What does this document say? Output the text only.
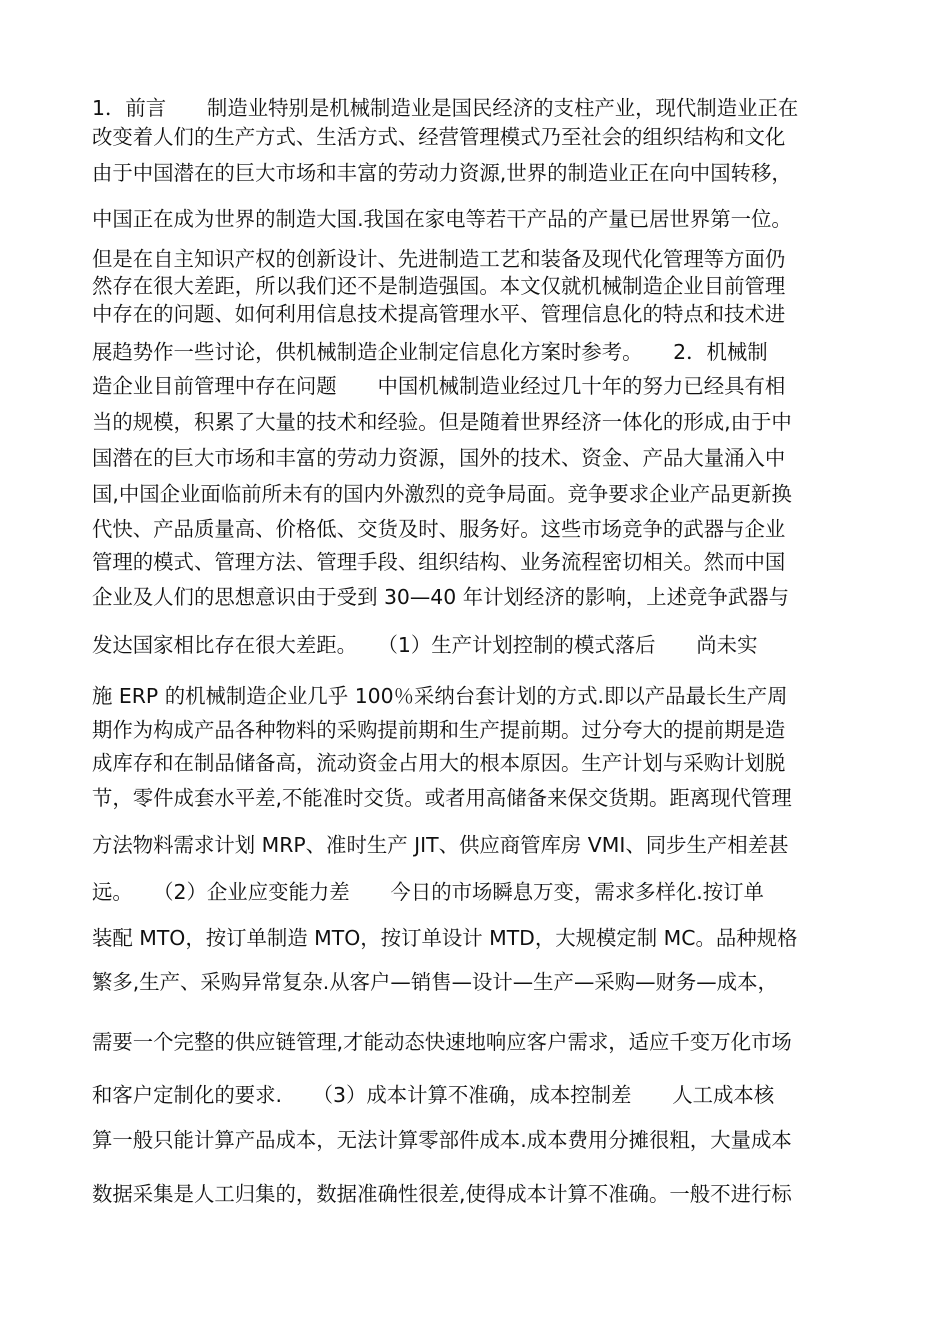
1．前言　　制造业特别是机械制造业是国民经济的支柱产业，现代制造业正在
改变着人们的生产方式、生活方式、经营管理模式乃至社会的组织结构和文化
由于中国潜在的巨大市场和丰富的劳动力资源,世界的制造业正在向中国转移，
中国正在成为世界的制造大国.我国在家电等若干产品的产量已居世界第一位。
但是在自主知识产权的创新设计、先进制造工艺和装备及现代化管理等方面仍
然存在很大差距，所以我们还不是制造强国。本文仅就机械制造企业目前管理
中存在的问题、如何利用信息技术提高管理水平、管理信息化的特点和技术进
展趋势作一些讨论，供机械制造企业制定信息化方案时参考。　　2．机械制
造企业目前管理中存在问题　　中国机械制造业经过几十年的努力已经具有相
当的规模，积累了大量的技术和经验。但是随着世界经济一体化的形成,由于中
国潜在的巨大市场和丰富的劳动力资源，国外的技术、资金、产品大量涌入中
国,中国企业面临前所未有的国内外激烈的竞争局面。竞争要求企业产品更新换
代快、产品质量高、价格低、交货及时、服务好。这些市场竞争的武器与企业
管理的模式、管理方法、管理手段、组织结构、业务流程密切相关。然而中国
企业及人们的思想意识由于受到 30—40 年计划经济的影响，上述竞争武器与
发达国家相比存在很大差距。　　（1）生产计划控制的模式落后　　尚未实
施 ERP 的机械制造企业几乎 100％采纳台套计划的方式.即以产品最长生产周
期作为构成产品各种物料的采购提前期和生产提前期。过分夸大的提前期是造
成库存和在制品储备高，流动资金占用大的根本原因。生产计划与采购计划脱
节，零件成套水平差,不能准时交货。或者用高储备来保交货期。距离现代管理
方法物料需求计划 MRP、准时生产 JIT、供应商管库房 VMI、同步生产相差甚
远。　　（2）企业应变能力差　　今日的市场瞬息万变，需求多样化.按订单
装配 MTO，按订单制造 MTO，按订单设计 MTD，大规模定制 MC。品种规格
繁多,生产、采购异常复杂.从客户—销售—设计—生产—采购—财务—成本，
需要一个完整的供应链管理,才能动态快速地响应客户需求，适应千变万化市场
和客户定制化的要求.　　（3）成本计算不准确，成本控制差　　人工成本核
算一般只能计算产品成本，无法计算零部件成本.成本费用分摊很粗，大量成本
数据采集是人工归集的，数据准确性很差,使得成本计算不准确。一般不进行标
